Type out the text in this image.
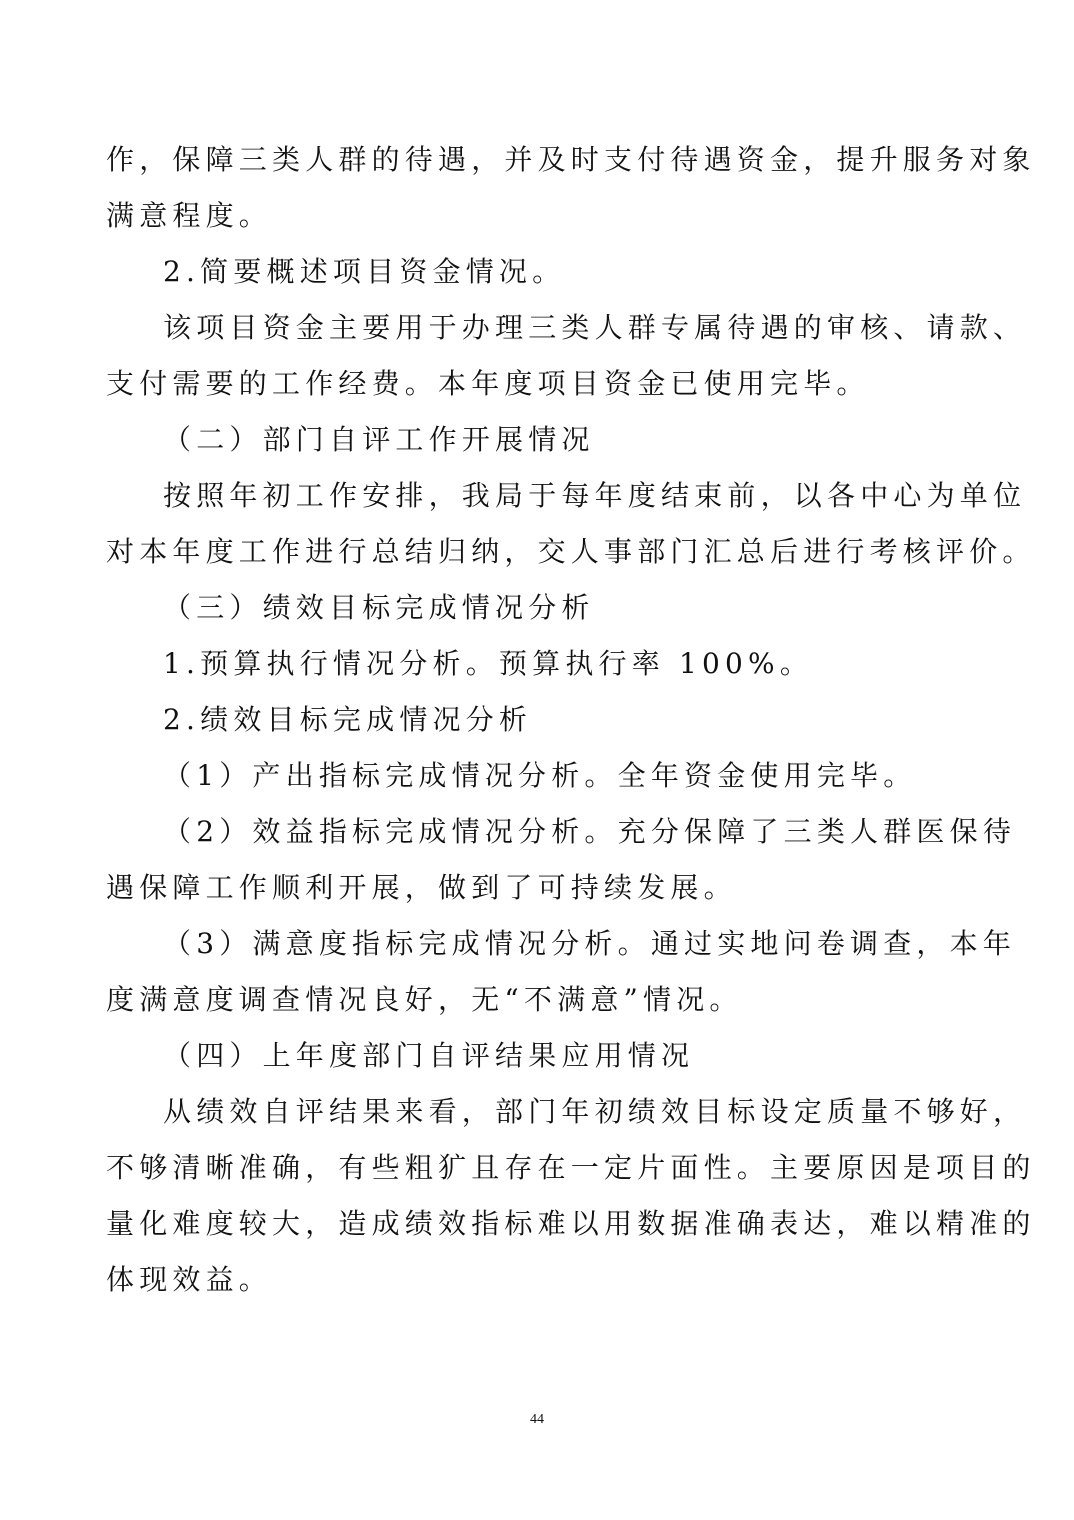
作，保障三类人群的待遇，并及时支付待遇资金，提升服务对象
满意程度。
2.简要概述项目资金情况。
该项目资金主要用于办理三类人群专属待遇的审核、请款、
支付需要的工作经费。本年度项目资金已使用完毕。
（二）部门自评工作开展情况
按照年初工作安排，我局于每年度结束前，以各中心为单位
对本年度工作进行总结归纳，交人事部门汇总后进行考核评价。
（三）绩效目标完成情况分析
1.预算执行情况分析。预算执行率 100%。
2.绩效目标完成情况分析
（1）产出指标完成情况分析。全年资金使用完毕。
（2）效益指标完成情况分析。充分保障了三类人群医保待
遇保障工作顺利开展，做到了可持续发展。
（3）满意度指标完成情况分析。通过实地问卷调查，本年
度满意度调查情况良好，无“不满意”情况。
（四）上年度部门自评结果应用情况
从绩效自评结果来看，部门年初绩效目标设定质量不够好，
不够清晰准确，有些粗犷且存在一定片面性。主要原因是项目的
量化难度较大，造成绩效指标难以用数据准确表达，难以精准的
体现效益。
44
